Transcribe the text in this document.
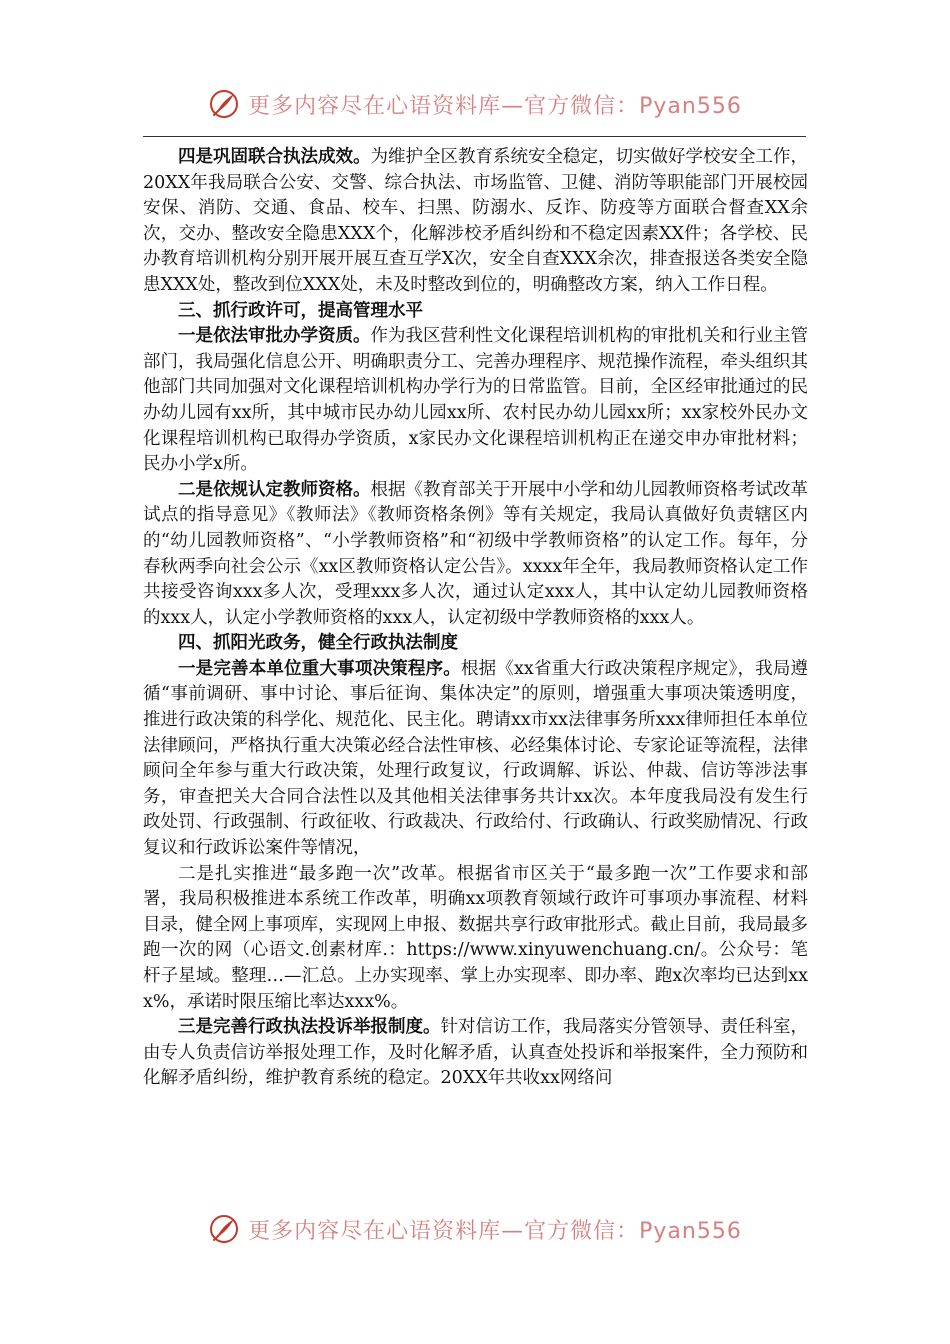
更多内容尽在心语资料库—官方微信：Pyan556

四是巩固联合执法成效。为维护全区教育系统安全稳定，切实做好学校安全工作，20XX年我局联合公安、交警、综合执法、市场监管、卫健、消防等职能部门开展校园安保、消防、交通、食品、校车、扫黑、防溺水、反诈、防疫等方面联合督查XX余次，交办、整改安全隐患XXX个，化解涉校矛盾纠纷和不稳定因素XX件；各学校、民办教育培训机构分别开展开展互查互学X次，安全自查XXX余次，排查报送各类安全隐患XXX处，整改到位XXX处，未及时整改到位的，明确整改方案，纳入工作日程。

三、抓行政许可，提高管理水平

一是依法审批办学资质。作为我区营利性文化课程培训机构的审批机关和行业主管部门，我局强化信息公开、明确职责分工、完善办理程序、规范操作流程，牵头组织其他部门共同加强对文化课程培训机构办学行为的日常监管。目前，全区经审批通过的民办幼儿园有xx所，其中城市民办幼儿园xx所、农村民办幼儿园xx所；xx家校外民办文化课程培训机构已取得办学资质，x家民办文化课程培训机构正在递交申办审批材料；民办小学x所。

二是依规认定教师资格。根据《教育部关于开展中小学和幼儿园教师资格考试改革试点的指导意见》《教师法》《教师资格条例》等有关规定，我局认真做好负责辖区内的“幼儿园教师资格”、“小学教师资格”和“初级中学教师资格”的认定工作。每年，分春秋两季向社会公示《xx区教师资格认定公告》。xxxx年全年，我局教师资格认定工作共接受咨询xxx多人次，受理xxx多人次，通过认定xxx人，其中认定幼儿园教师资格的xxx人，认定小学教师资格的xxx人，认定初级中学教师资格的xxx人。

四、抓阳光政务，健全行政执法制度

一是完善本单位重大事项决策程序。根据《xx省重大行政决策程序规定》，我局遵循“事前调研、事中讨论、事后征询、集体决定”的原则，增强重大事项决策透明度，推进行政决策的科学化、规范化、民主化。聘请xx市xx法律事务所xxx律师担任本单位法律顾问，严格执行重大决策必经合法性审核、必经集体讨论、专家论证等流程，法律顾问全年参与重大行政决策，处理行政复议，行政调解、诉讼、仲裁、信访等涉法事务，审查把关大合同合法性以及其他相关法律事务共计xx次。本年度我局没有发生行政处罚、行政强制、行政征收、行政裁决、行政给付、行政确认、行政奖励情况、行政复议和行政诉讼案件等情况，

二是扎实推进“最多跑一次”改革。根据省市区关于“最多跑一次”工作要求和部署，我局积极推进本系统工作改革，明确xx项教育领域行政许可事项办事流程、材料目录，健全网上事项库，实现网上申报、数据共享行政审批形式。截止目前，我局最多跑一次的网（心语文.创素材库.：https://www.xinyuwenchuang.cn/。公众号：笔杆子星域。整理…—汇总。上办实现率、掌上办实现率、即办率、跑x次率均已达到xxx%，承诺时限压缩比率达xxx%。

三是完善行政执法投诉举报制度。针对信访工作，我局落实分管领导、责任科室，由专人负责信访举报处理工作，及时化解矛盾，认真查处投诉和举报案件，全力预防和化解矛盾纠纷，维护教育系统的稳定。20XX年共收xx网络问

更多内容尽在心语资料库—官方微信：Pyan556
